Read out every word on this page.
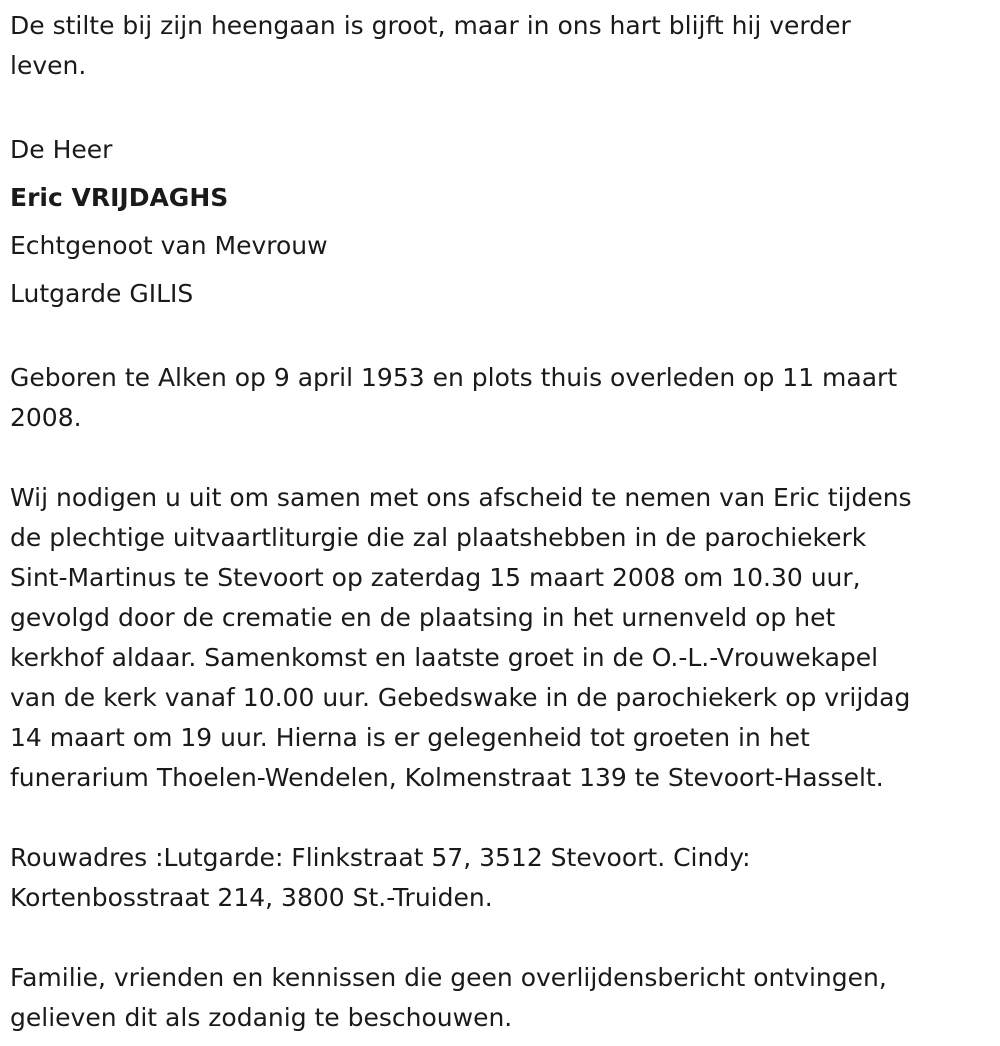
De stilte bij zijn heengaan is groot, maar in ons hart blijft hij verder
leven.
De Heer
Eric VRIJDAGHS
Echtgenoot van Mevrouw
Lutgarde GILIS
Geboren te Alken op 9 april 1953 en plots thuis overleden op 11 maart
2008.
Wij nodigen u uit om samen met ons afscheid te nemen van Eric tijdens
de plechtige uitvaartliturgie die zal plaatshebben in de parochiekerk
Sint-Martinus te Stevoort op zaterdag 15 maart 2008 om 10.30 uur,
gevolgd door de crematie en de plaatsing in het urnenveld op het
kerkhof aldaar. Samenkomst en laatste groet in de O.-L.-Vrouwekapel
van de kerk vanaf 10.00 uur. Gebedswake in de parochiekerk op vrijdag
14 maart om 19 uur. Hierna is er gelegenheid tot groeten in het
funerarium Thoelen-Wendelen, Kolmenstraat 139 te Stevoort-Hasselt.
Rouwadres :Lutgarde: Flinkstraat 57, 3512 Stevoort. Cindy:
Kortenbosstraat 214, 3800 St.-Truiden.
Familie, vrienden en kennissen die geen overlijdensbericht ontvingen,
gelieven dit als zodanig te beschouwen.
